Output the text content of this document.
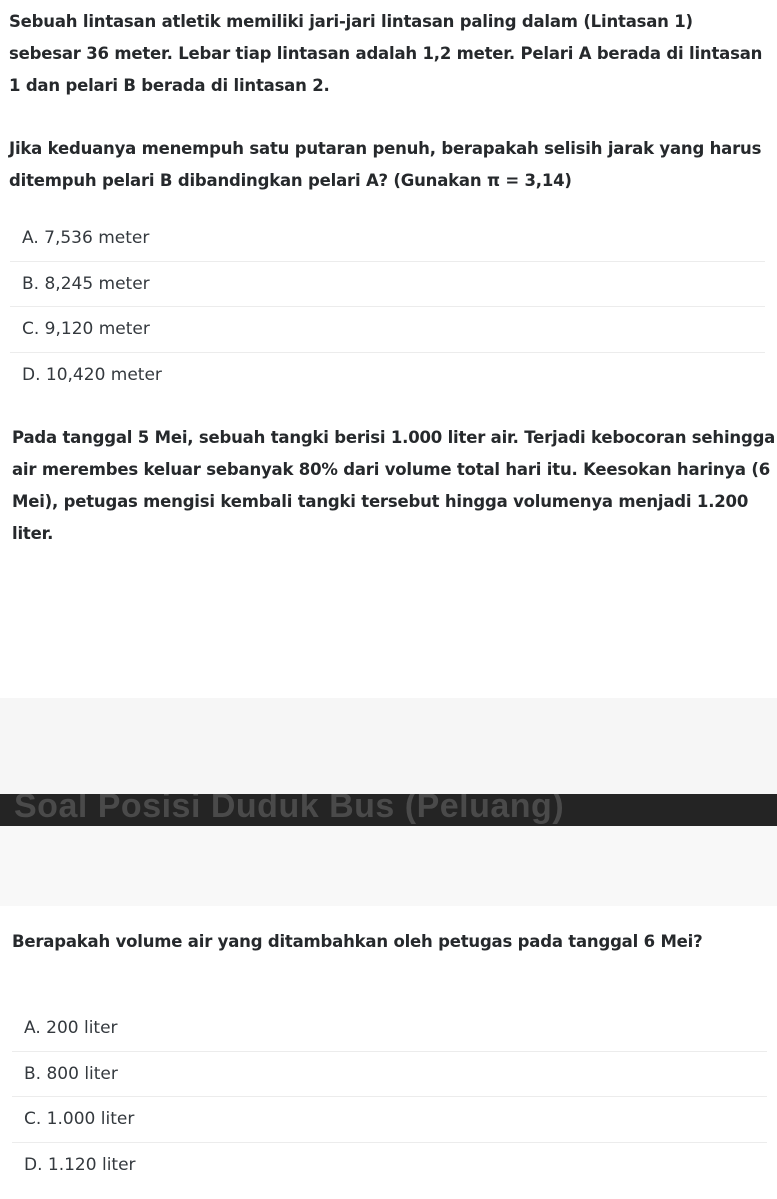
Sebuah lintasan atletik memiliki jari-jari lintasan paling dalam (Lintasan 1) sebesar 36 meter. Lebar tiap lintasan adalah 1,2 meter. Pelari A berada di lintasan 1 dan pelari B berada di lintasan 2.

Jika keduanya menempuh satu putaran penuh, berapakah selisih jarak yang harus ditempuh pelari B dibandingkan pelari A? (Gunakan π = 3,14)

A. 7,536 meter
B. 8,245 meter
C. 9,120 meter
D. 10,420 meter

Pada tanggal 5 Mei, sebuah tangki berisi 1.000 liter air. Terjadi kebocoran sehingga air merembes keluar sebanyak 80% dari volume total hari itu. Keesokan harinya (6 Mei), petugas mengisi kembali tangki tersebut hingga volumenya menjadi 1.200 liter.

Soal Posisi Duduk Bus (Peluang)

Berapakah volume air yang ditambahkan oleh petugas pada tanggal 6 Mei?

A. 200 liter
B. 800 liter
C. 1.000 liter
D. 1.120 liter
